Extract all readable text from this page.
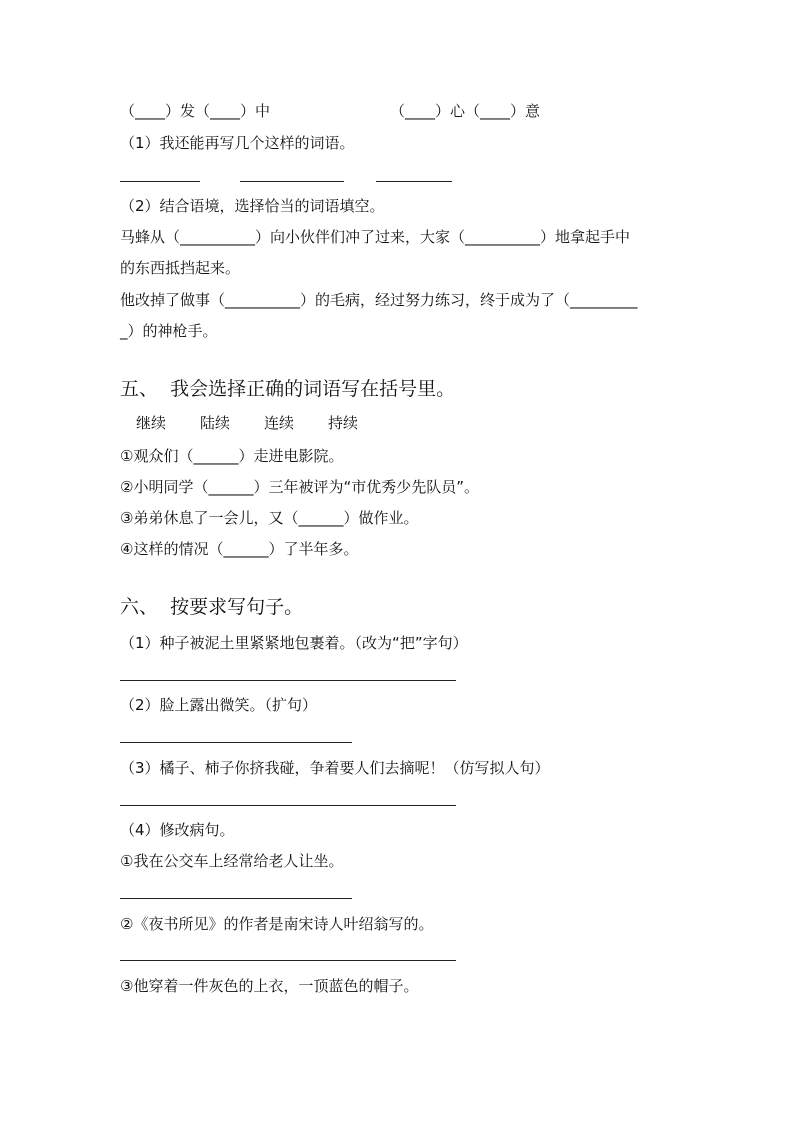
（____）发（____）中	（____）心（____）意
（1）我还能再写几个这样的词语。
（2）结合语境，选择恰当的词语填空。
马蜂从（__________）向小伙伴们冲了过来，大家（__________）地拿起手中
的东西抵挡起来。
他改掉了做事（__________）的毛病，经过努力练习，终于成为了（_________
_）的神枪手。
五、  我会选择正确的词语写在括号里。
继续 陆续 连续 持续
①观众们（______）走进电影院。
②小明同学（______）三年被评为“市优秀少先队员”。
③弟弟休息了一会儿，又（______）做作业。
④这样的情况（______）了半年多。
六、  按要求写句子。
（1）种子被泥土里紧紧地包裹着。（改为“把”字句）
（2）脸上露出微笑。（扩句）
（3）橘子、柿子你挤我碰，争着要人们去摘呢！（仿写拟人句）
（4）修改病句。
①我在公交车上经常给老人让坐。
②《夜书所见》的作者是南宋诗人叶绍翁写的。
③他穿着一件灰色的上衣，一顶蓝色的帽子。
